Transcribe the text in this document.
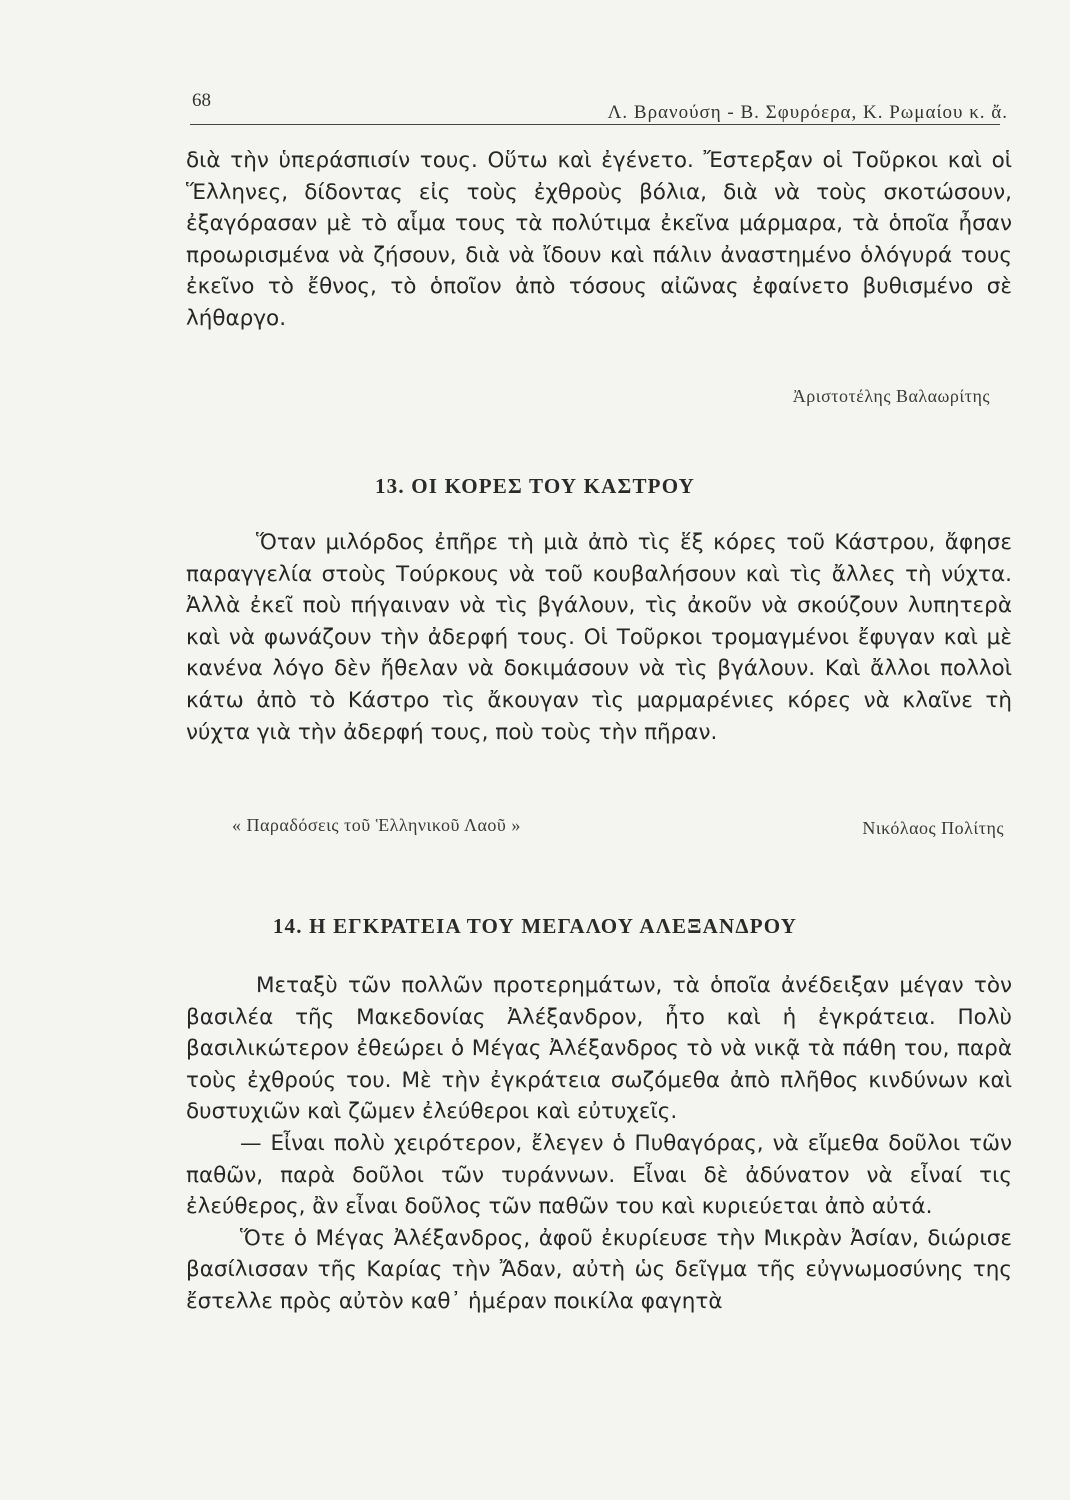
68
Λ. Βρανούση - Β. Σφυρόερα, Κ. Ρωμαίου κ. ἄ.

διὰ τὴν ὑπεράσπισίν τους. Οὕτω καὶ ἐγένετο. Ἔστερξαν οἱ Τοῦρκοι καὶ οἱ Ἕλληνες, δίδοντας εἰς τοὺς ἐχθροὺς βόλια, διὰ νὰ τοὺς σκοτώσουν, ἐξαγόρασαν μὲ τὸ αἷμα τους τὰ πολύτιμα ἐκεῖνα μάρμαρα, τὰ ὁποῖα ἦσαν προωρισμένα νὰ ζήσουν, διὰ νὰ ἴδουν καὶ πάλιν ἀναστημένο ὁλόγυρά τους ἐκεῖνο τὸ ἔθνος, τὸ ὁποῖον ἀπὸ τόσους αἰῶνας ἐφαίνετο βυθισμένο σὲ λήθαργο.

Ἀριστοτέλης Βαλαωρίτης
13. ΟΙ ΚΟΡΕΣ ΤΟΥ ΚΑΣΤΡΟΥ

Ὅταν μιλόρδος ἐπῆρε τὴ μιὰ ἀπὸ τὶς ἕξ κόρες τοῦ Κάστρου, ἄφησε παραγγελία στοὺς Τούρκους νὰ τοῦ κουβαλήσουν καὶ τὶς ἄλλες τὴ νύχτα. Ἀλλὰ ἐκεῖ ποὺ πήγαιναν νὰ τὶς βγάλουν, τὶς ἀκοῦν νὰ σκούζουν λυπητερὰ καὶ νὰ φωνάζουν τὴν ἀδερφή τους. Οἱ Τοῦρκοι τρομαγμένοι ἔφυγαν καὶ μὲ κανένα λόγο δὲν ἤθελαν νὰ δοκιμάσουν νὰ τὶς βγάλουν. Καὶ ἄλλοι πολλοὶ κάτω ἀπὸ τὸ Κάστρο τὶς ἄκουγαν τὶς μαρμαρένιες κόρες νὰ κλαῖνε τὴ νύχτα γιὰ τὴν ἀδερφή τους, ποὺ τοὺς τὴν πῆραν.

« Παραδόσεις τοῦ Ἑλληνικοῦ Λαοῦ »	Νικόλαος Πολίτης
14. Η ΕΓΚΡΑΤΕΙΑ ΤΟΥ ΜΕΓΑΛΟΥ ΑΛΕΞΑΝΔΡΟΥ

Μεταξὺ τῶν πολλῶν προτερημάτων, τὰ ὁποῖα ἀνέδειξαν μέγαν τὸν βασιλέα τῆς Μακεδονίας Ἀλέξανδρον, ἦτο καὶ ἡ ἐγκράτεια. Πολὺ βασιλικώτερον ἐθεώρει ὁ Μέγας Ἀλέξανδρος τὸ νὰ νικᾷ τὰ πάθη του, παρὰ τοὺς ἐχθρούς του. Μὲ τὴν ἐγκράτεια σωζόμεθα ἀπὸ πλῆθος κινδύνων καὶ δυστυχιῶν καὶ ζῶμεν ἐλεύθεροι καὶ εὐτυχεῖς.

— Εἶναι πολὺ χειρότερον, ἔλεγεν ὁ Πυθαγόρας, νὰ εἴμεθα δοῦλοι τῶν παθῶν, παρὰ δοῦλοι τῶν τυράννων. Εἶναι δὲ ἀδύνατον νὰ εἶναί τις ἐλεύθερος, ἂν εἶναι δοῦλος τῶν παθῶν του καὶ κυριεύεται ἀπὸ αὐτά.

Ὅτε ὁ Μέγας Ἀλέξανδρος, ἀφοῦ ἐκυρίευσε τὴν Μικρὰν Ἀσίαν, διώρισε βασίλισσαν τῆς Καρίας τὴν Ἄδαν, αὐτὴ ὡς δεῖγμα τῆς εὐγνωμοσύνης της ἔστελλε πρὸς αὐτὸν καθ᾽ ἡμέραν ποικίλα φαγητὰ
